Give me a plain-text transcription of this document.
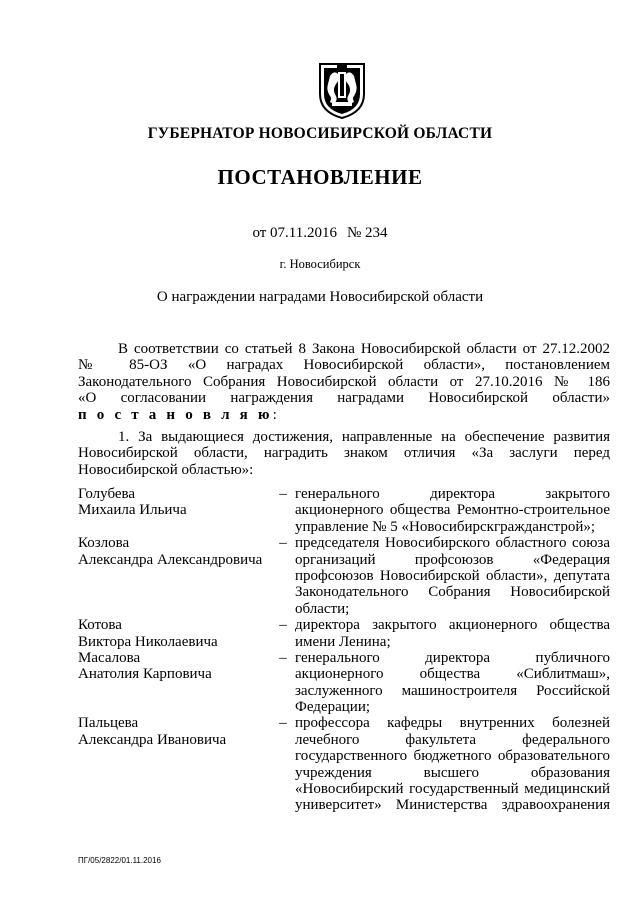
ГУБЕРНАТОР НОВОСИБИРСКОЙ ОБЛАСТИ
ПОСТАНОВЛЕНИЕ
от 07.11.2016 № 234
г. Новосибирск
О награждении наградами Новосибирской области
В соответствии со статьей 8 Закона Новосибирской области от 27.12.2002
№ 85-ОЗ «О наградах Новосибирской области», постановлением
Законодательного Собрания Новосибирской области от 27.10.2016 № 186
«О согласовании награждения наградами Новосибирской области»
п о с т а н о в л я ю:
1. За выдающиеся достижения, направленные на обеспечение развития
Новосибирской области, наградить знаком отличия «За заслуги перед
Новосибирской областью»:
Голубева
Михаила Ильича
– генерального директора закрытого
акционерного общества Ремонтно-строительное
управление № 5 «Новосибирскгражданстрой»;
Козлова
Александра Александровича
– председателя Новосибирского областного союза
организаций профсоюзов «Федерация
профсоюзов Новосибирской области», депутата
Законодательного Собрания Новосибирской
области;
Котова
Виктора Николаевича
– директора закрытого акционерного общества
имени Ленина;
Масалова
Анатолия Карповича
– генерального директора публичного
акционерного общества «Сиблитмаш»,
заслуженного машиностроителя Российской
Федерации;
Пальцева
Александра Ивановича
– профессора кафедры внутренних болезней
лечебного факультета федерального
государственного бюджетного образовательного
учреждения высшего образования
«Новосибирский государственный медицинский
университет» Министерства здравоохранения
ПГ/05/2822/01.11.2016
